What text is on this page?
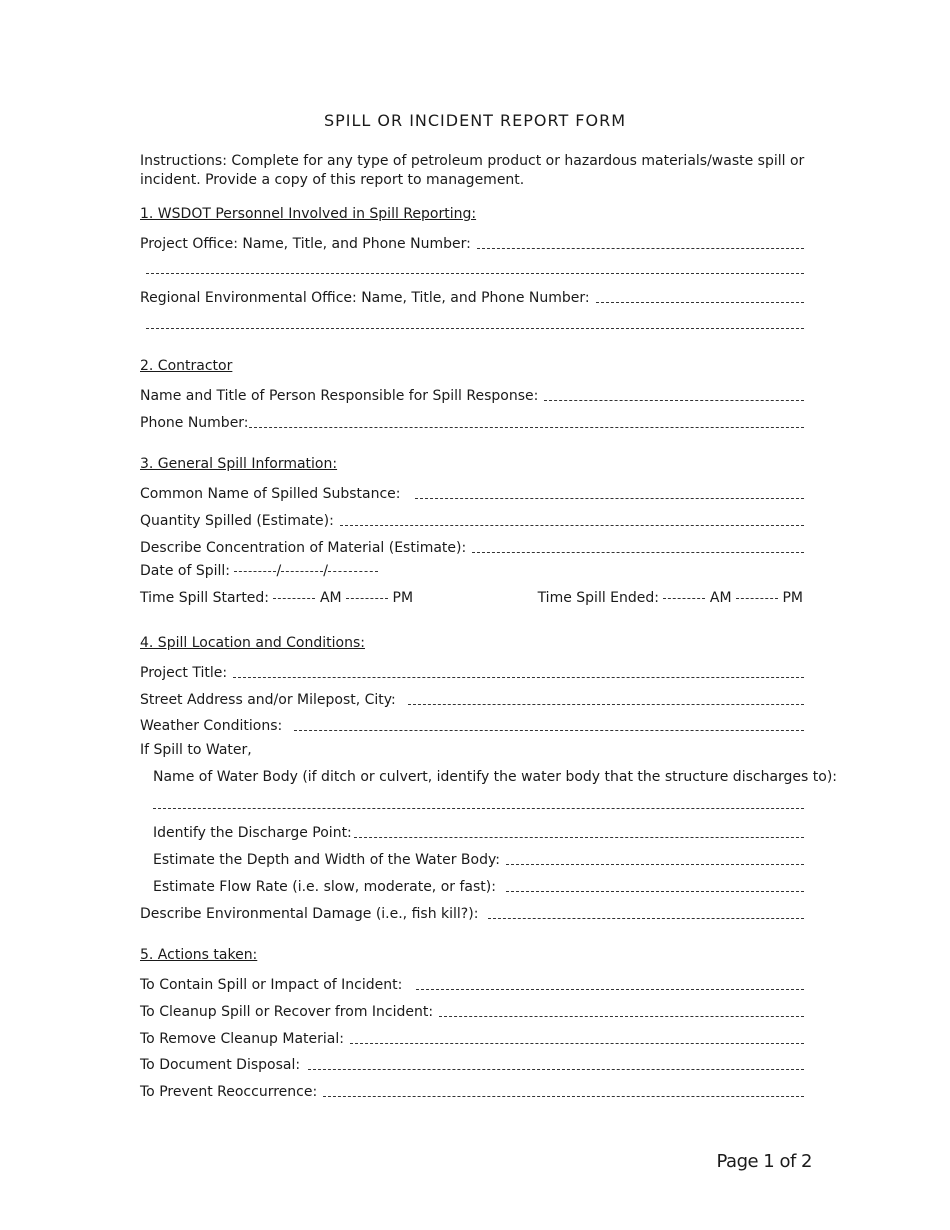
SPILL OR INCIDENT REPORT FORM
Instructions: Complete for any type of petroleum product or hazardous materials/waste spill or incident. Provide a copy of this report to management.
1. WSDOT Personnel Involved in Spill Reporting:
Project Office: Name, Title, and Phone Number:
Regional Environmental Office: Name, Title, and Phone Number:
2. Contractor
Name and Title of Person Responsible for Spill Response:
Phone Number:
3. General Spill Information:
Common Name of Spilled Substance:
Quantity Spilled (Estimate):
Describe Concentration of Material (Estimate):
Date of Spill:	/	/
Time Spill Started:	AM	PM	Time Spill Ended:	AM	PM
4. Spill Location and Conditions:
Project Title:
Street Address and/or Milepost, City:
Weather Conditions:
If Spill to Water,
Name of Water Body (if ditch or culvert, identify the water body that the structure discharges to):
Identify the Discharge Point:
Estimate the Depth and Width of the Water Body:
Estimate Flow Rate (i.e. slow, moderate, or fast):
Describe Environmental Damage (i.e., fish kill?):
5. Actions taken:
To Contain Spill or Impact of Incident:
To Cleanup Spill or Recover from Incident:
To Remove Cleanup Material:
To Document Disposal:
To Prevent Reoccurrence:
Page 1 of 2
